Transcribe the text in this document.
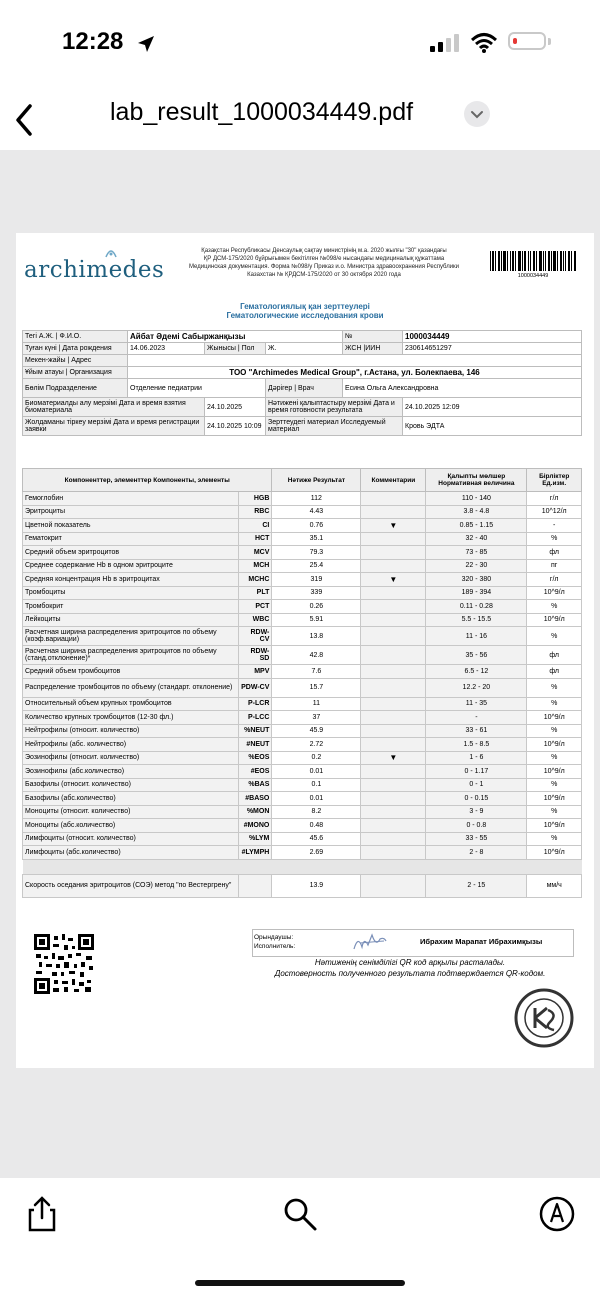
12:28
lab_result_1000034449.pdf
archimedes
Қазақстан Республикасы Денсаулық сақтау министрінің м.а. 2020 жылғы "30" қазандағы
ҚР ДСМ-175/2020 бұйрығымен бекітілген №098/е нысандағы медициналық құжаттама
Медицинская документация. Форма №098/у Приказ и.о. Министра здравоохранения Республики
Казахстан № ҚРДСМ-175/2020 от 30 октября 2020 года	1000034449
Гематологиялық қан зерттеулері
Гематологические исследования крови
Тегі А.Ж. | Ф.И.О.	Айбат Әдемі Сабыржанқызы			№	1000034449
Туған күні | Дата рождения	14.06.2023	Жынысы | Пол	Ж.	ЖСН |ИИН	230614651297
Мекен-жайы | Адрес					
Ұйым атауы | Организация	ТОО "Archimedes Medical Group", г.Астана, ул. Болекпаева, 146				
Бөлім Подразделение	Отделение педиатрии		Дәрігер | Врач	Есина Ольга Александровна	
Биоматериалды алу мерзімі Дата и время взятия биоматериала		24.10.2025	Нәтижені қалыптастыру мерзімі Дата и время готовности результата		24.10.2025 12:09
Жолдаманы тіркеу мерзімі Дата и время регистрации заявки		24.10.2025 10:09	Зерттеудегі материал Исследуемый материал		Кровь ЭДТА
Компоненттер, элементтер Компоненты, элементы		Нәтиже Результат	Комментарии	Қалыпты мөлшер Нормативная величина	Бірліктер Ед.изм.
Гемоглобин	HGB	112		110 - 140	г/л
Эритроциты	RBC	4.43		3.8 - 4.8	10^12/л
Цветной показатель	CI	0.76	▼	0.85 - 1.15	-
Гематокрит	HCT	35.1		32 - 40	%
Средний объем эритроцитов	MCV	79.3		73 - 85	фл
Среднее содержание Hb в одном эритроците	MCH	25.4		22 - 30	пг
Средняя концентрация Hb в эритроцитах	MCHC	319	▼	320 - 380	г/л
Тромбоциты	PLT	339		189 - 394	10^9/л
Тромбокрит	PCT	0.26		0.11 - 0.28	%
Лейкоциты	WBC	5.91		5.5 - 15.5	10^9/л
Расчетная ширина распределения эритроцитов по объему (коэф.вариации)	RDW-CV	13.8		11 - 16	%
Расчетная ширина распределения эритроцитов по объему (станд.отклонение)*	RDW-SD	42.8		35 - 56	фл
Средний объем тромбоцитов	MPV	7.6		6.5 - 12	фл
Распределение тромбоцитов по объему (стандарт. отклонение)	PDW-CV	15.7		12.2 - 20	%
Относительный объем крупных тромбоцитов	P-LCR	11		11 - 35	%
Количество крупных тромбоцитов (12-30 фл.)	P-LCC	37		-	10^9/л
Нейтрофилы (относит. количество)	%NEUT	45.9		33 - 61	%
Нейтрофилы (абс. количество)	#NEUT	2.72		1.5 - 8.5	10^9/л
Эозинофилы (относит. количество)	%EOS	0.2	▼	1 - 6	%
Эозинофилы (абс.количество)	#EOS	0.01		0 - 1.17	10^9/л
Базофилы (относит. количество)	%BAS	0.1		0 - 1	%
Базофилы (абс.количество)	#BASO	0.01		0 - 0.15	10^9/л
Моноциты (относит. количество)	%MON	8.2		3 - 9	%
Моноциты (абс.количество)	#MONO	0.48		0 - 0.8	10^9/л
Лимфоциты (относит. количество)	%LYM	45.6		33 - 55	%
Лимфоциты (абс.количество)	#LYMPH	2.69		2 - 8	10^9/л

Скорость оседания эритроцитов (СОЭ) метод "по Вестергрену"		13.9		2 - 15	мм/ч
Орындаушы:
Исполнитель:
Ибрахим Марапат Ибрахимқызы
Нәтиженің сенімділігі QR код арқылы расталады.
Достоверность полученного результата подтверждается QR-кодом.
